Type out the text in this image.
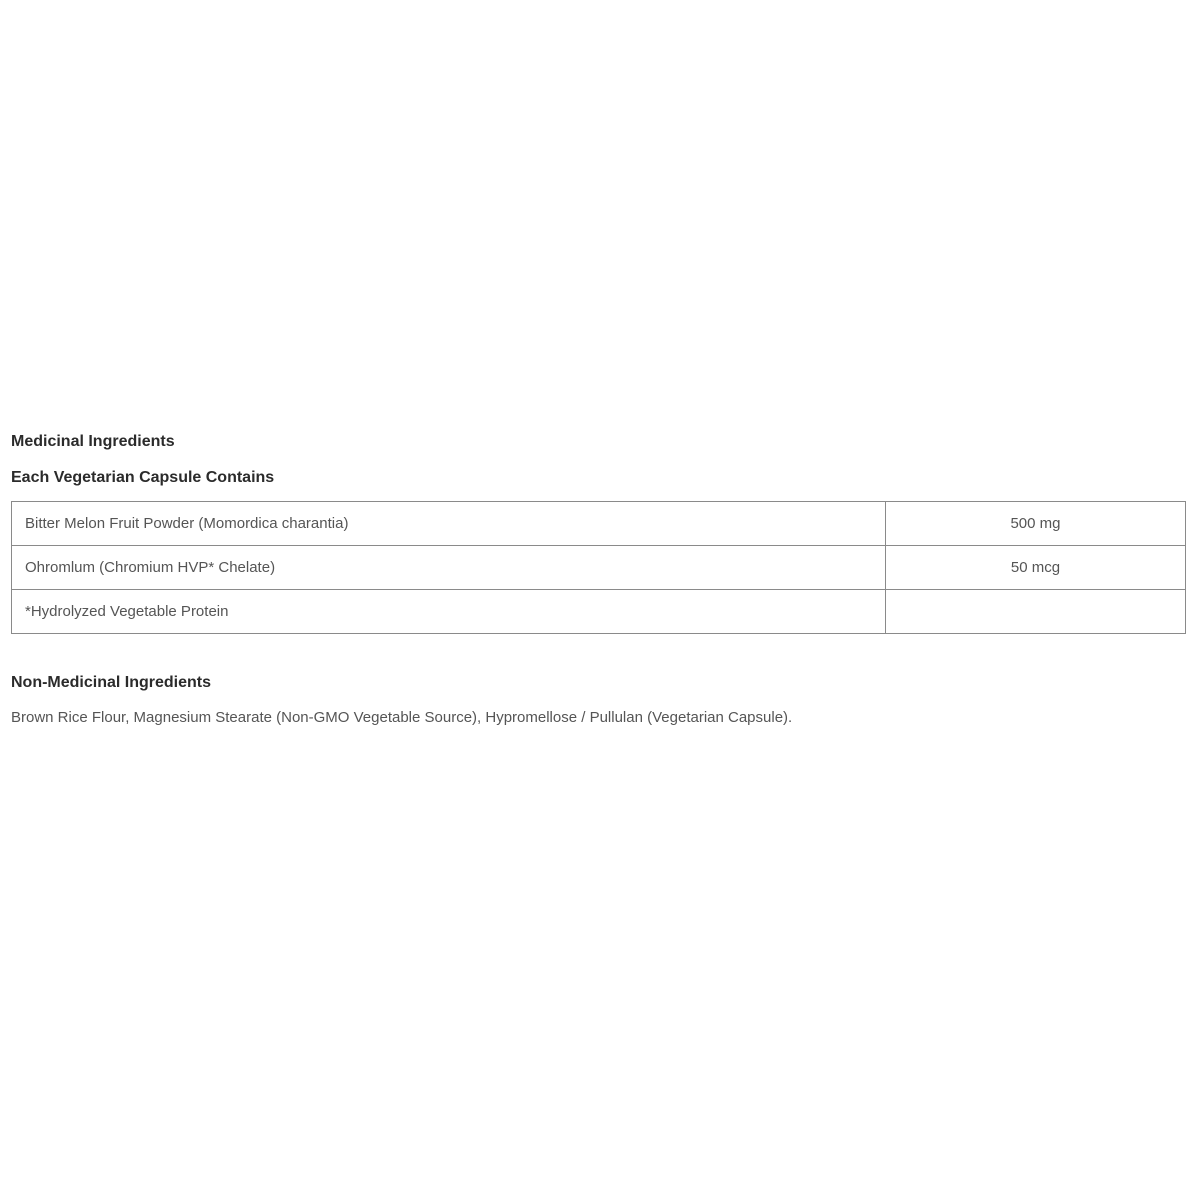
Medicinal Ingredients

Each Vegetarian Capsule Contains

Bitter Melon Fruit Powder (Momordica charantia)	500 mg
Ohromlum (Chromium HVP* Chelate)	50 mcg
*Hydrolyzed Vegetable Protein	

Non-Medicinal Ingredients

Brown Rice Flour, Magnesium Stearate (Non-GMO Vegetable Source), Hypromellose / Pullulan (Vegetarian Capsule).
